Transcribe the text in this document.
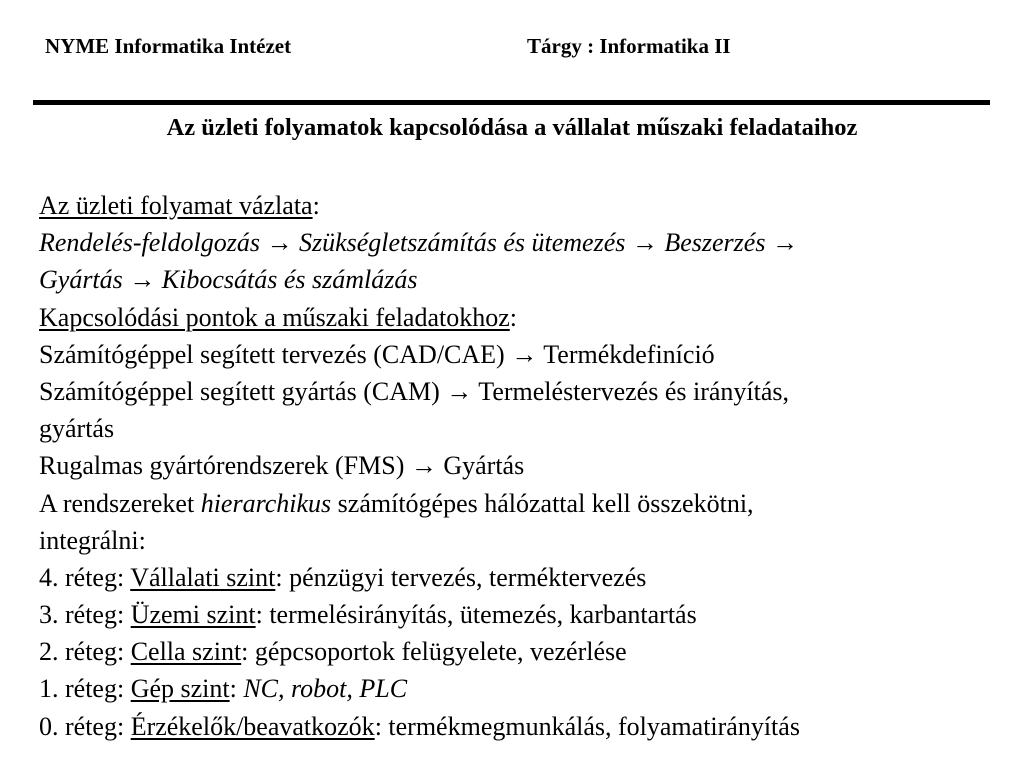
NYME Informatika Intézet	Tárgy : Informatika II
Az üzleti folyamatok kapcsolódása a vállalat műszaki feladataihoz
Az üzleti folyamat vázlata:
Rendelés-feldolgozás → Szükségletszámítás és ütemezés → Beszerzés →
Gyártás → Kibocsátás és számlázás
Kapcsolódási pontok a műszaki feladatokhoz:
Számítógéppel segített tervezés (CAD/CAE) → Termékdefiníció
Számítógéppel segített gyártás (CAM) → Termeléstervezés és irányítás,
gyártás
Rugalmas gyártórendszerek (FMS) → Gyártás
A rendszereket hierarchikus számítógépes hálózattal kell összekötni,
integrálni:
4. réteg: Vállalati szint: pénzügyi tervezés, terméktervezés
3. réteg: Üzemi szint: termelésirányítás, ütemezés, karbantartás
2. réteg: Cella szint: gépcsoportok felügyelete, vezérlése
1. réteg: Gép szint: NC, robot, PLC
0. réteg: Érzékelők/beavatkozók: termékmegmunkálás, folyamatirányítás
